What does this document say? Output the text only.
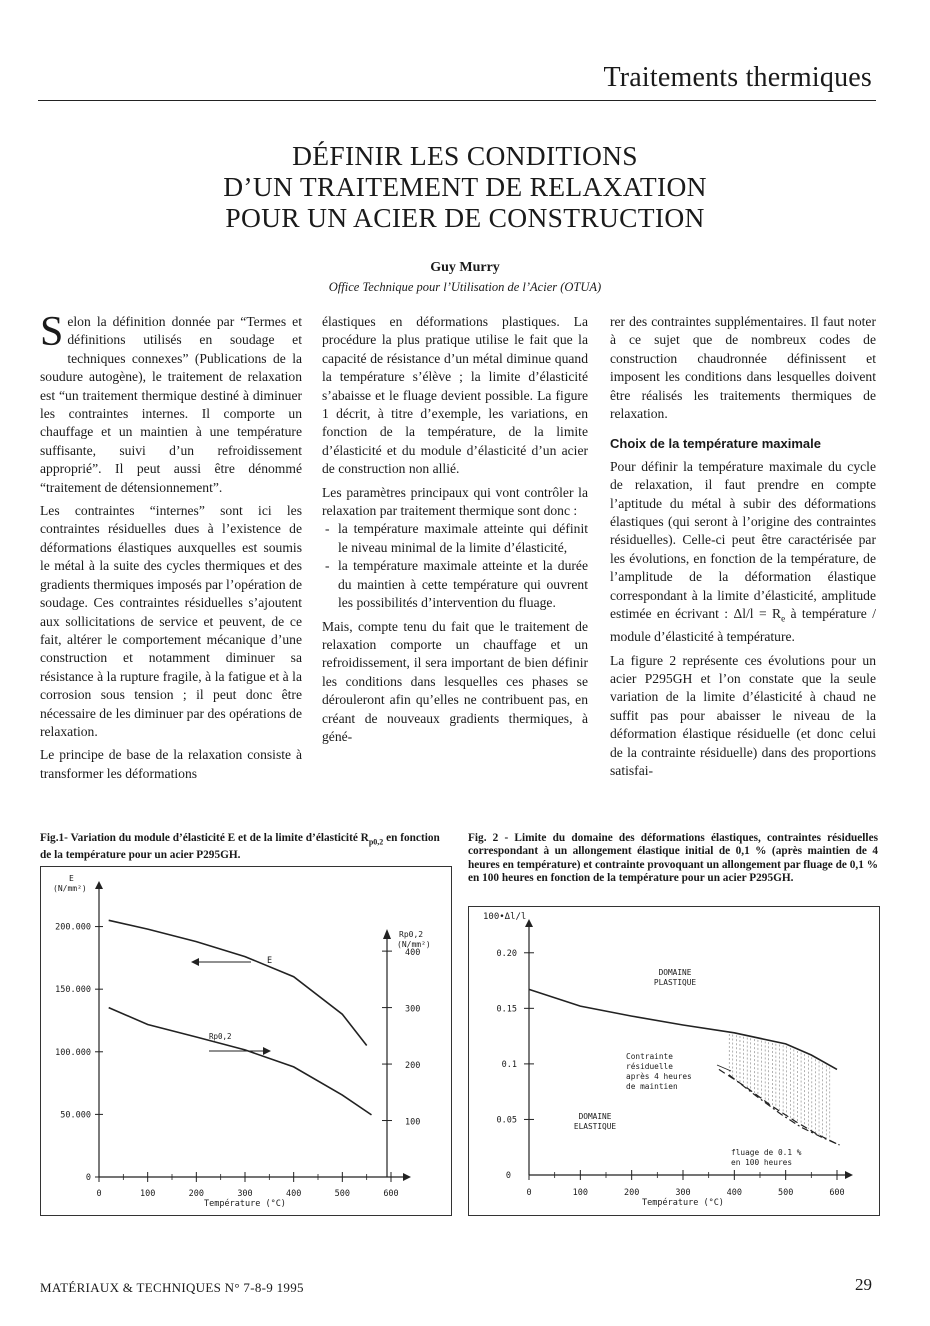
Traitements thermiques
DÉFINIR LES CONDITIONS
D’UN TRAITEMENT DE RELAXATION
POUR UN ACIER DE CONSTRUCTION
Guy Murry
Office Technique pour l’Utilisation de l’Acier (OTUA)

Selon la définition donnée par “Termes et définitions utilisés en soudage et techniques connexes” (Publications de la soudure autogène), le traitement de relaxation est “un traitement thermique destiné à diminuer les contraintes internes. Il comporte un chauffage et un maintien à une température suffisante, suivi d’un refroidissement approprié”. Il peut aussi être dénommé “traitement de détensionnement”.

Les contraintes “internes” sont ici les contraintes résiduelles dues à l’existence de déformations élastiques auxquelles est soumis le métal à la suite des cycles thermiques et des gradients thermiques imposés par l’opération de soudage. Ces contraintes résiduelles s’ajoutent aux sollicitations de service et peuvent, de ce fait, altérer le comportement mécanique d’une construction et notamment diminuer sa résistance à la rupture fragile, à la fatigue et à la corrosion sous tension ; il peut donc être nécessaire de les diminuer par des opérations de relaxation.

Le principe de base de la relaxation consiste à transformer les déformations

élastiques en déformations plastiques. La procédure la plus pratique utilise le fait que la capacité de résistance d’un métal diminue quand la température s’élève ; la limite d’élasticité s’abaisse et le fluage devient possible. La figure 1 décrit, à titre d’exemple, les variations, en fonction de la température, de la limite d’élasticité et du module d’élasticité d’un acier de construction non allié.

Les paramètres principaux qui vont contrôler la relaxation par traitement thermique sont donc :

- la température maximale atteinte qui définit le niveau minimal de la limite d’élasticité,
- la température maximale atteinte et la durée du maintien à cette température qui ouvrent les possibilités d’intervention du fluage.

Mais, compte tenu du fait que le traitement de relaxation comporte un chauffage et un refroidissement, il sera important de bien définir les conditions dans lesquelles ces phases se dérouleront afin qu’elles ne contribuent pas, en créant de nouveaux gradients thermiques, à géné-

rer des contraintes supplémentaires. Il faut noter à ce sujet que de nombreux codes de construction chaudronnée définissent et imposent les conditions dans lesquelles doivent être réalisés les traitements thermiques de relaxation.

Choix de la température maximale

Pour définir la température maximale du cycle de relaxation, il faut prendre en compte l’aptitude du métal à subir des déformations élastiques (qui seront à l’origine des contraintes résiduelles). Celle-ci peut être caractérisée par les évolutions, en fonction de la température, de l’amplitude de la déformation élastique correspondant à la limite d’élasticité, amplitude estimée en écrivant : $\Delta l/l = R_e$ à température / module d’élasticité à température.

La figure 2 représente ces évolutions pour un acier P295GH et l’on constate que la seule variation de la limite d’élasticité à chaud ne suffit pas pour abaisser le niveau de la déformation élastique résiduelle (et donc celui de la contrainte résiduelle) dans des proportions satisfai-

Fig.1- Variation du module d’élasticité E et de la limite d’élasticité $R_{p0,2}$ en fonction de la température pour un acier P295GH.
Fig. 2 - Limite du domaine des déformations élastiques, contraintes résiduelles correspondant à un allongement élastique initial de 0,1 % (après maintien de 4 heures en température) et contrainte provoquant un allongement par fluage de 0,1 % en 100 heures en fonction de la température pour un acier P295GH.
E
(N/mm²)
0
50.000
100.000
150.000
200.000
Rp0,2
(N/mm²)
100
200
300
400
0	100	200	300	400	500	600
Température (°C)
E
Rp0,2
100•Δl/l
0.05
0.1
0.15
0.20
0
0	100	200	300	400	500	600
Température (°C)
DOMAINE
PLASTIQUE
DOMAINE
ELASTIQUE
Contrainte
résiduelle
après 4 heures
de maintien
fluage de 0.1 %
en 100 heures
MATÉRIAUX & TECHNIQUES N° 7-8-9 1995	29
